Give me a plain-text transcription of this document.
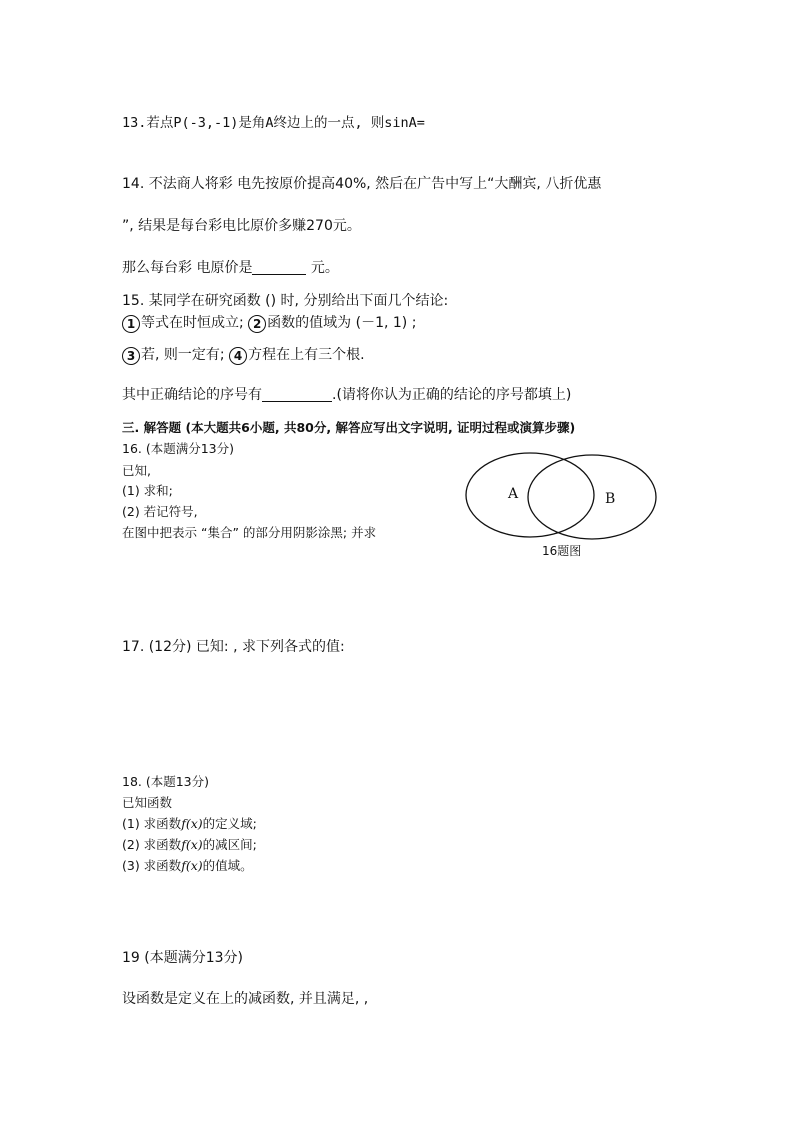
13.若点P(-3,-1)是角A终边上的一点, 则sinA=
14. 不法商人将彩 电先按原价提高40%, 然后在广告中写上“大酬宾, 八折优惠
”, 结果是每台彩电比原价多赚270元。
那么每台彩 电原价是	元。
15. 某同学在研究函数 () 时, 分别给出下面几个结论:
1 等式在时恒成立; 2 函数的值域为 (－1, 1) ;
3 若, 则一定有; 4 方程在上有三个根.
其中正确结论的序号有	.(请将你认为正确的结论的序号都填上)
三. 解答题 (本大题共6小题, 共80分, 解答应写出文字说明, 证明过程或演算步骤)
16. (本题满分13分)
已知,
(1) 求和;
(2) 若记符号,
在图中把表示 “集合” 的部分用阴影涂黑; 并求
A	B
16题图
17. (12分) 已知: , 求下列各式的值:
18. (本题13分)
已知函数
(1) 求函数f(x)的定义域;
(2) 求函数f(x)的减区间;
(3) 求函数f(x)的值域。
19 (本题满分13分)
设函数是定义在上的减函数, 并且满足, ,
